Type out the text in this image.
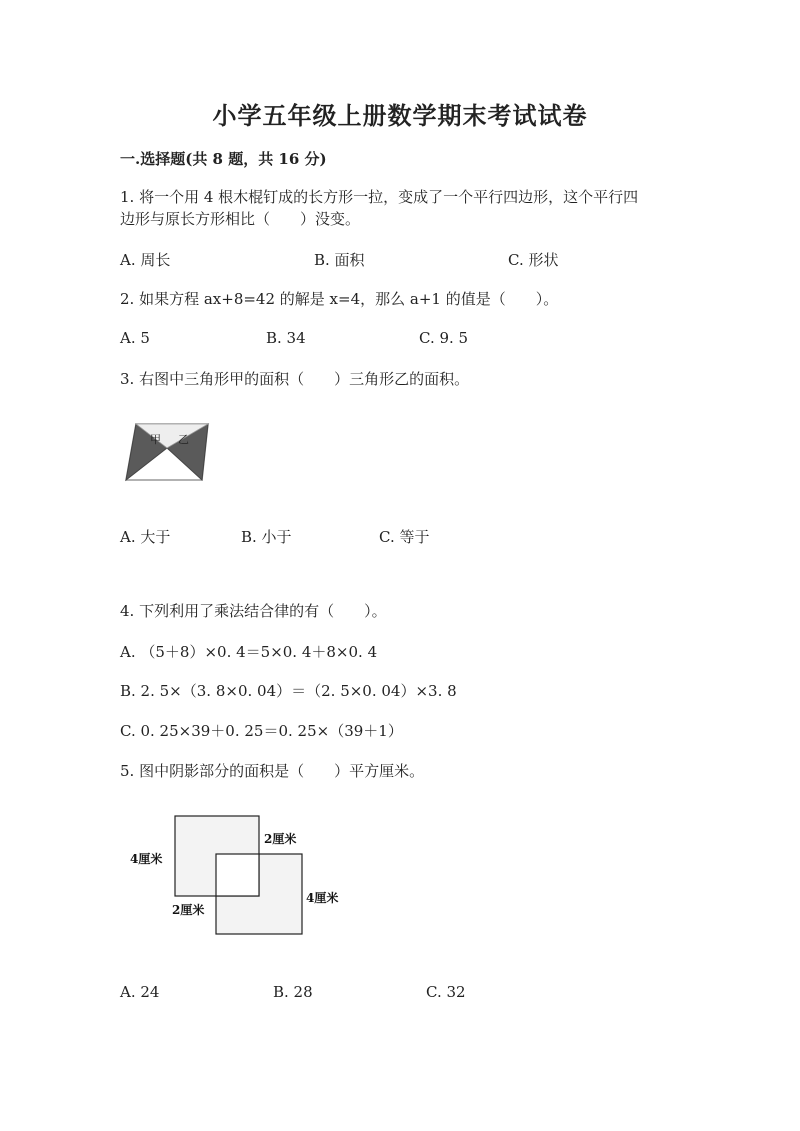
小学五年级上册数学期末考试试卷
一.选择题(共 8 题，共 16 分)
1. 将一个用 4 根木棍钉成的长方形一拉，变成了一个平行四边形，这个平行四
边形与原长方形相比（　　）没变。
A. 周长	B. 面积	C. 形状
2. 如果方程 ax+8=42 的解是 x=4，那么 a+1 的值是（　　）。
A. 5	B. 34	C. 9. 5
3. 右图中三角形甲的面积（　　）三角形乙的面积。
甲 乙
A. 大于	B. 小于	C. 等于
4. 下列利用了乘法结合律的有（　　）。
A. （5＋8）×0. 4＝5×0. 4＋8×0. 4
B. 2. 5×（3. 8×0. 04）＝（2. 5×0. 04）×3. 8
C. 0. 25×39＋0. 25＝0. 25×（39＋1）
5. 图中阴影部分的面积是（　　）平方厘米。
4厘米
2厘米
2厘米
4厘米
A. 24	B. 28	C. 32
